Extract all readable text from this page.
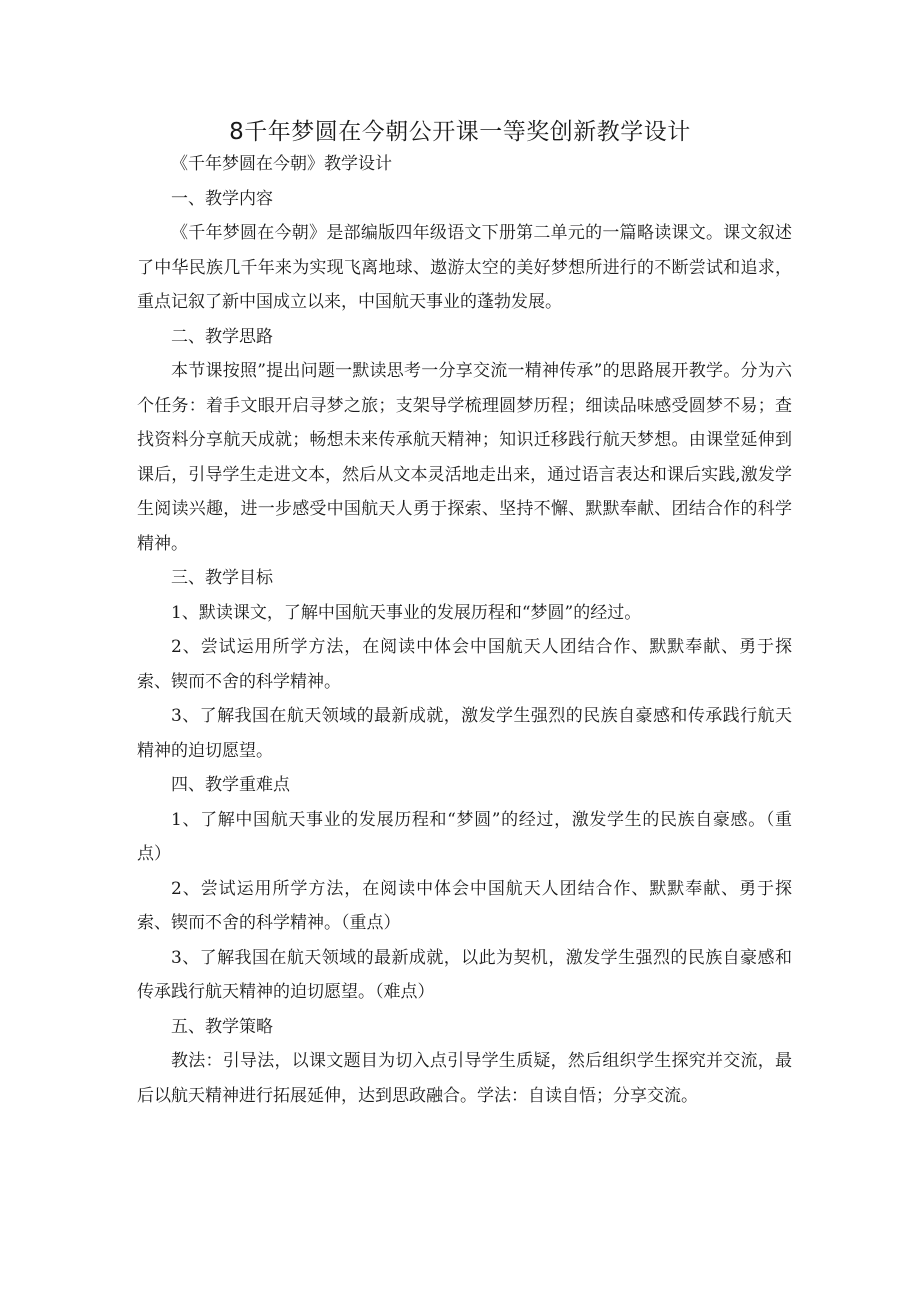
8千年梦圆在今朝公开课一等奖创新教学设计

《千年梦圆在今朝》教学设计

一、教学内容

《千年梦圆在今朝》是部编版四年级语文下册第二单元的一篇略读课文。课文叙述了中华民族几千年来为实现飞离地球、遨游太空的美好梦想所进行的不断尝试和追求，重点记叙了新中国成立以来，中国航天事业的蓬勃发展。

二、教学思路

本节课按照”提出问题一默读思考一分享交流一精神传承”的思路展开教学。分为六个任务：着手文眼开启寻梦之旅；支架导学梳理圆梦历程；细读品味感受圆梦不易；查找资料分享航天成就；畅想未来传承航天精神；知识迁移践行航天梦想。由课堂延伸到课后，引导学生走进文本，然后从文本灵活地走出来，通过语言表达和课后实践,激发学生阅读兴趣，进一步感受中国航天人勇于探索、坚持不懈、默默奉献、团结合作的科学精神。

三、教学目标

1、默读课文，了解中国航天事业的发展历程和“梦圆”的经过。

2、尝试运用所学方法，在阅读中体会中国航天人团结合作、默默奉献、勇于探索、锲而不舍的科学精神。

3、了解我国在航天领域的最新成就，激发学生强烈的民族自豪感和传承践行航天精神的迫切愿望。

四、教学重难点

1、了解中国航天事业的发展历程和“梦圆”的经过，激发学生的民族自豪感。（重点）

2、尝试运用所学方法，在阅读中体会中国航天人团结合作、默默奉献、勇于探索、锲而不舍的科学精神。（重点）

3、了解我国在航天领域的最新成就，以此为契机，激发学生强烈的民族自豪感和传承践行航天精神的迫切愿望。（难点）

五、教学策略

教法：引导法，以课文题目为切入点引导学生质疑，然后组织学生探究并交流，最后以航天精神进行拓展延伸，达到思政融合。学法：自读自悟；分享交流。
